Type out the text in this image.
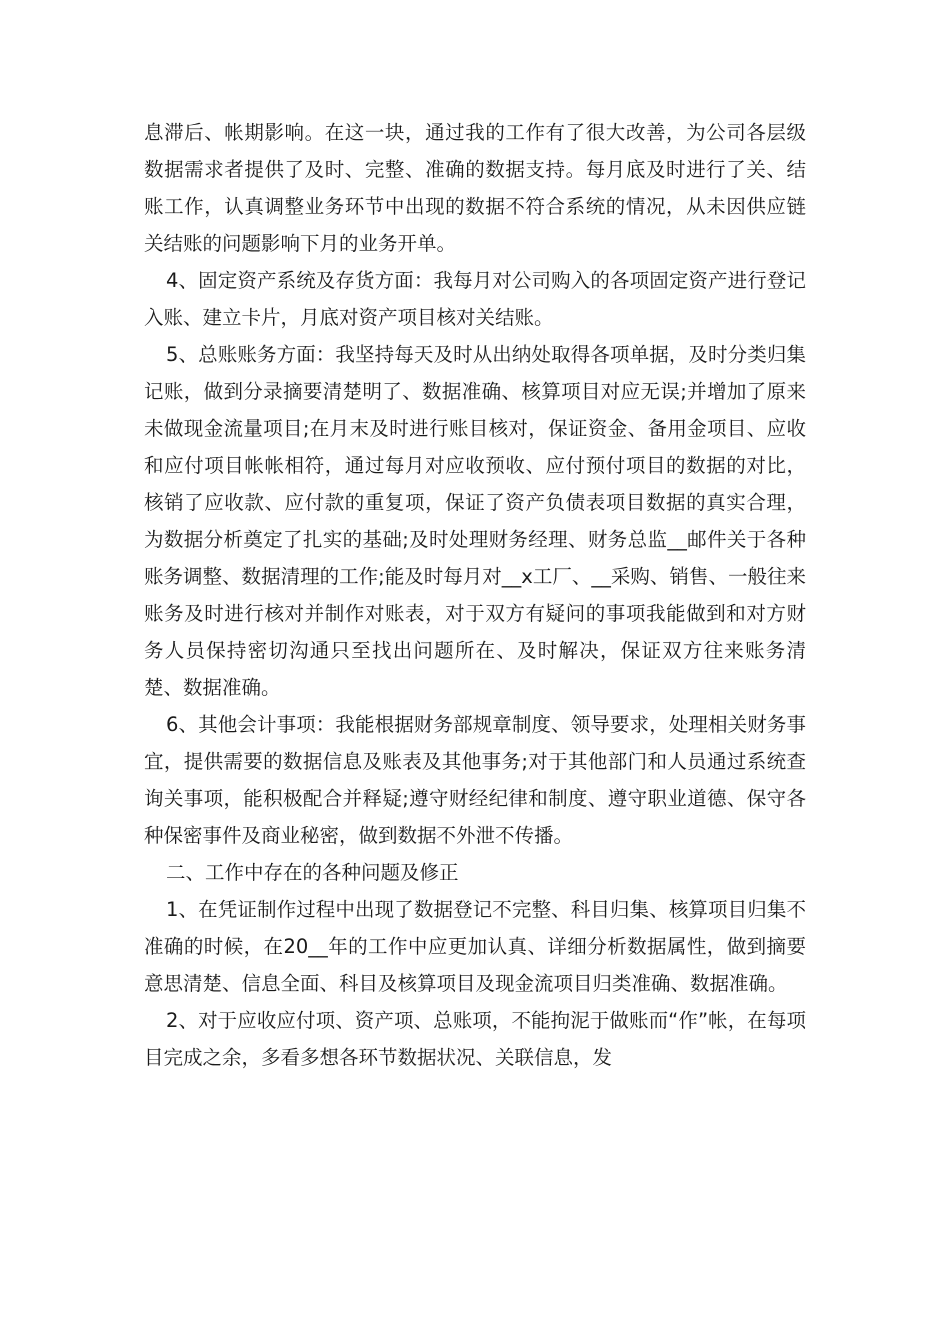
息滞后、帐期影响。在这一块，通过我的工作有了很大改善，为公司各层级数据需求者提供了及时、完整、准确的数据支持。每月底及时进行了关、结账工作，认真调整业务环节中出现的数据不符合系统的情况，从未因供应链关结账的问题影响下月的业务开单。

4、固定资产系统及存货方面：我每月对公司购入的各项固定资产进行登记入账、建立卡片，月底对资产项目核对关结账。

5、总账账务方面：我坚持每天及时从出纳处取得各项单据，及时分类归集记账，做到分录摘要清楚明了、数据准确、核算项目对应无误;并增加了原来未做现金流量项目;在月末及时进行账目核对，保证资金、备用金项目、应收和应付项目帐帐相符，通过每月对应收预收、应付预付项目的数据的对比，核销了应收款、应付款的重复项，保证了资产负债表项目数据的真实合理，为数据分析奠定了扎实的基础;及时处理财务经理、财务总监__邮件关于各种账务调整、数据清理的工作;能及时每月对__x工厂、__采购、销售、一般往来账务及时进行核对并制作对账表，对于双方有疑问的事项我能做到和对方财务人员保持密切沟通只至找出问题所在、及时解决，保证双方往来账务清楚、数据准确。

6、其他会计事项：我能根据财务部规章制度、领导要求，处理相关财务事宜，提供需要的数据信息及账表及其他事务;对于其他部门和人员通过系统查询关事项，能积极配合并释疑;遵守财经纪律和制度、遵守职业道德、保守各种保密事件及商业秘密，做到数据不外泄不传播。

二、工作中存在的各种问题及修正

1、在凭证制作过程中出现了数据登记不完整、科目归集、核算项目归集不准确的时候，在20__年的工作中应更加认真、详细分析数据属性，做到摘要意思清楚、信息全面、科目及核算项目及现金流项目归类准确、数据准确。

2、对于应收应付项、资产项、总账项，不能拘泥于做账而“作”帐，在每项目完成之余，多看多想各环节数据状况、关联信息，发
